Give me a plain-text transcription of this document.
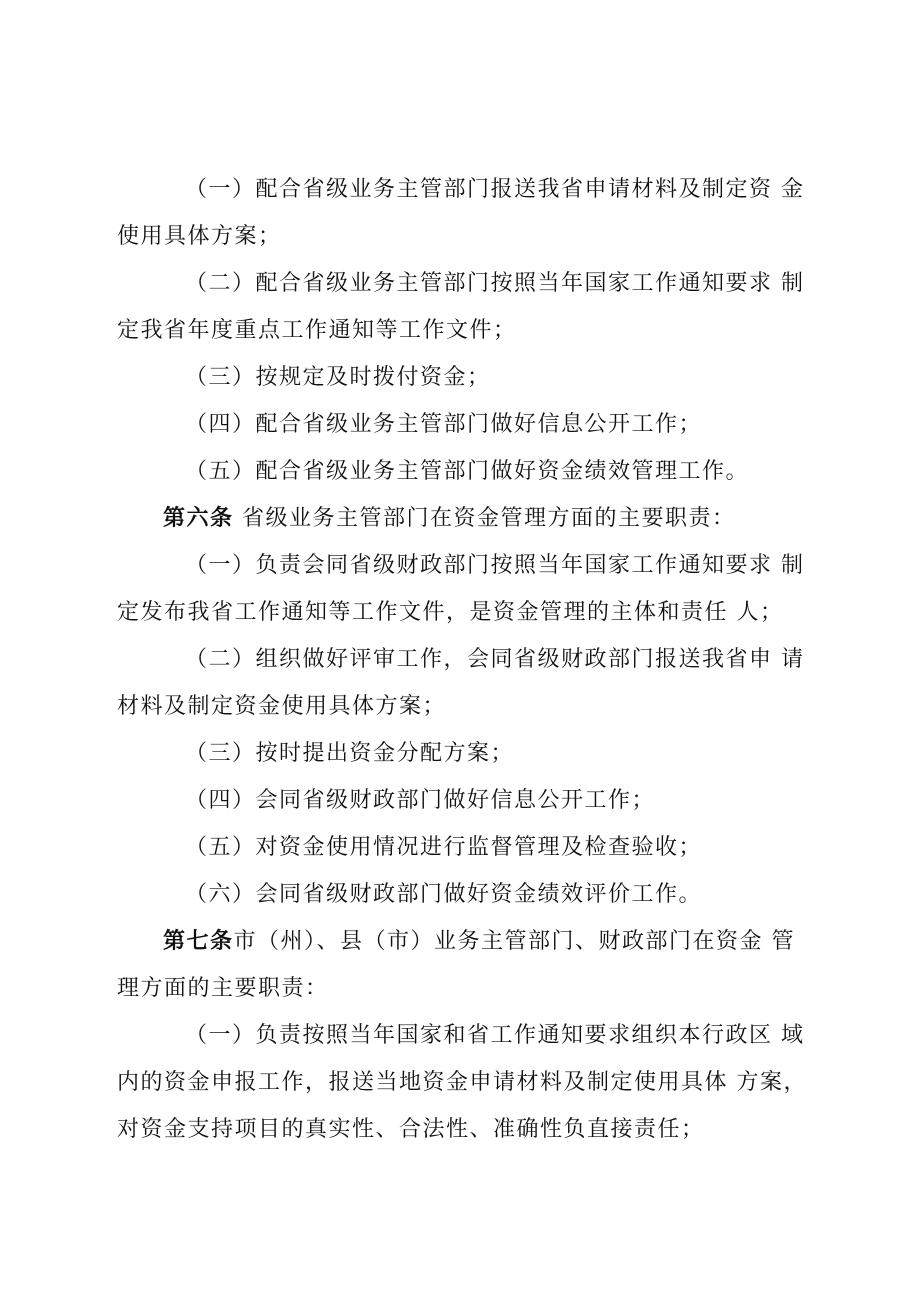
（一）配合省级业务主管部门报送我省申请材料及制定资 金使用具体方案；

（二）配合省级业务主管部门按照当年国家工作通知要求 制定我省年度重点工作通知等工作文件；

（三）按规定及时拨付资金；

（四）配合省级业务主管部门做好信息公开工作；

（五）配合省级业务主管部门做好资金绩效管理工作。

第六条 省级业务主管部门在资金管理方面的主要职责：

（一）负责会同省级财政部门按照当年国家工作通知要求 制定发布我省工作通知等工作文件，是资金管理的主体和责任 人；

（二）组织做好评审工作，会同省级财政部门报送我省申 请材料及制定资金使用具体方案；

（三）按时提出资金分配方案；

（四）会同省级财政部门做好信息公开工作；

（五）对资金使用情况进行监督管理及检查验收；

（六）会同省级财政部门做好资金绩效评价工作。

第七条市（州）、县（市）业务主管部门、财政部门在资金 管理方面的主要职责：

（一）负责按照当年国家和省工作通知要求组织本行政区 域内的资金申报工作，报送当地资金申请材料及制定使用具体 方案，对资金支持项目的真实性、合法性、准确性负直接责任；
